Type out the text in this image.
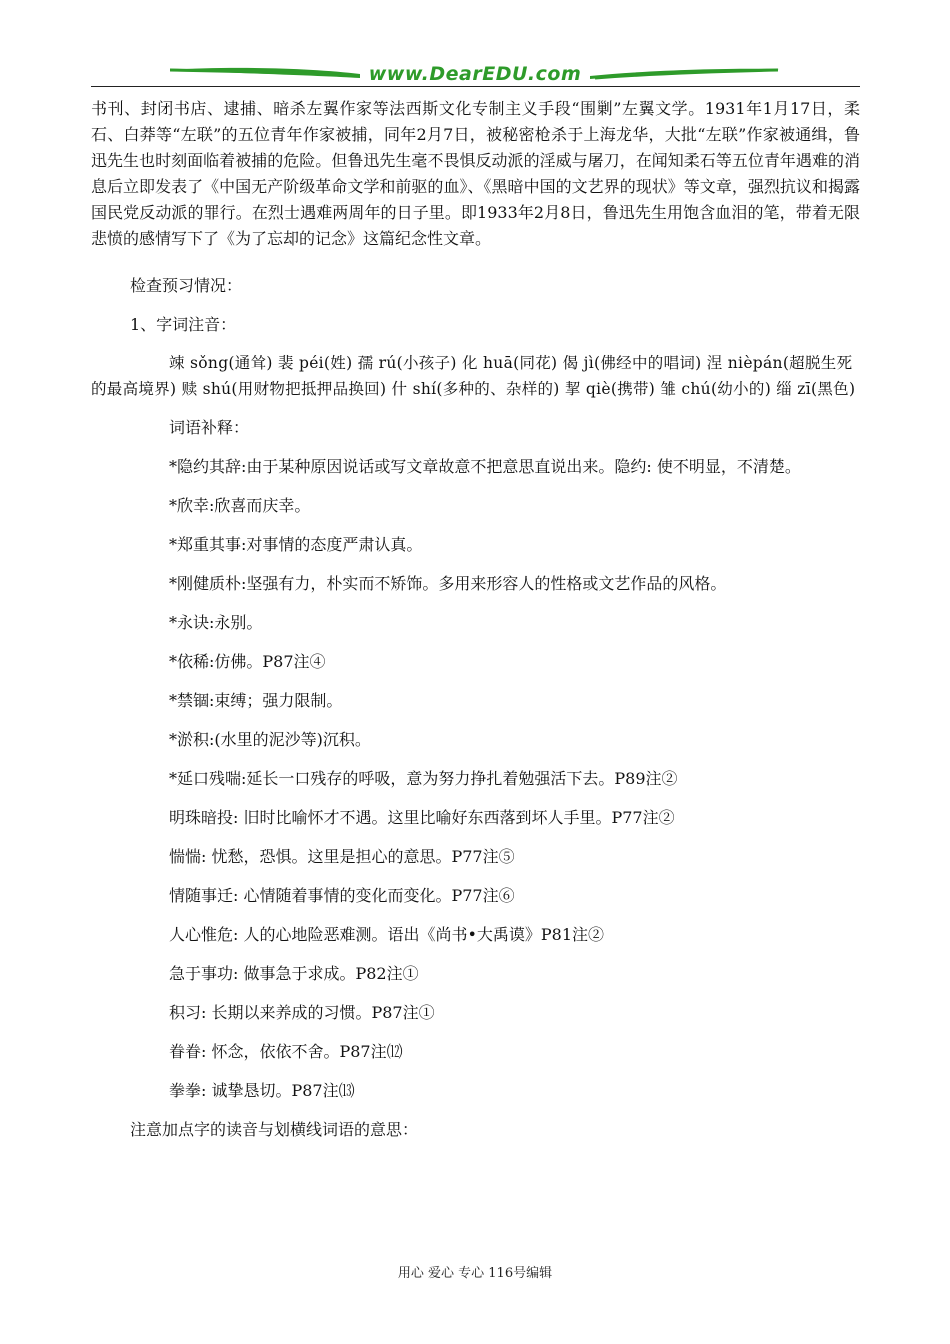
www.DearEDU.com

书刊、封闭书店、逮捕、暗杀左翼作家等法西斯文化专制主义手段“围剿”左翼文学。1931年1月17日，柔石、白莽等“左联”的五位青年作家被捕，同年2月7日，被秘密枪杀于上海龙华，大批“左联”作家被通缉，鲁迅先生也时刻面临着被捕的危险。但鲁迅先生毫不畏惧反动派的淫威与屠刀，在闻知柔石等五位青年遇难的消息后立即发表了《中国无产阶级革命文学和前驱的血》、《黑暗中国的文艺界的现状》等文章，强烈抗议和揭露国民党反动派的罪行。在烈士遇难两周年的日子里。即1933年2月8日，鲁迅先生用饱含血泪的笔，带着无限悲愤的感情写下了《为了忘却的记念》这篇纪念性文章。

检查预习情况：

1、字词注音：

竦 sǒng(通耸) 裴 péi(姓) 孺 rú(小孩子) 化 huā(同花) 偈 jì(佛经中的唱词) 涅 nièpán(超脱生死的最高境界) 赎 shú(用财物把抵押品换回) 什 shí(多种的、杂样的) 挈 qiè(携带) 雏 chú(幼小的) 缁 zī(黑色)

词语补释：

*隐约其辞:由于某种原因说话或写文章故意不把意思直说出来。隐约: 使不明显，不清楚。

*欣幸:欣喜而庆幸。

*郑重其事:对事情的态度严肃认真。

*刚健质朴:坚强有力，朴实而不矫饰。多用来形容人的性格或文艺作品的风格。

*永诀:永别。

*依稀:仿佛。P87注④

*禁锢:束缚；强力限制。

*淤积:(水里的泥沙等)沉积。

*延口残喘:延长一口残存的呼吸，意为努力挣扎着勉强活下去。P89注②

明珠暗投: 旧时比喻怀才不遇。这里比喻好东西落到坏人手里。P77注②

惴惴: 忧愁，恐惧。这里是担心的意思。P77注⑤

情随事迁: 心情随着事情的变化而变化。P77注⑥

人心惟危: 人的心地险恶难测。语出《尚书•大禹谟》P81注②

急于事功: 做事急于求成。P82注①

积习: 长期以来养成的习惯。P87注①

眷眷: 怀念，依依不舍。P87注⑿

拳拳: 诚挚恳切。P87注⒀

注意加点字的读音与划横线词语的意思：

用心 爱心 专心 116号编辑
